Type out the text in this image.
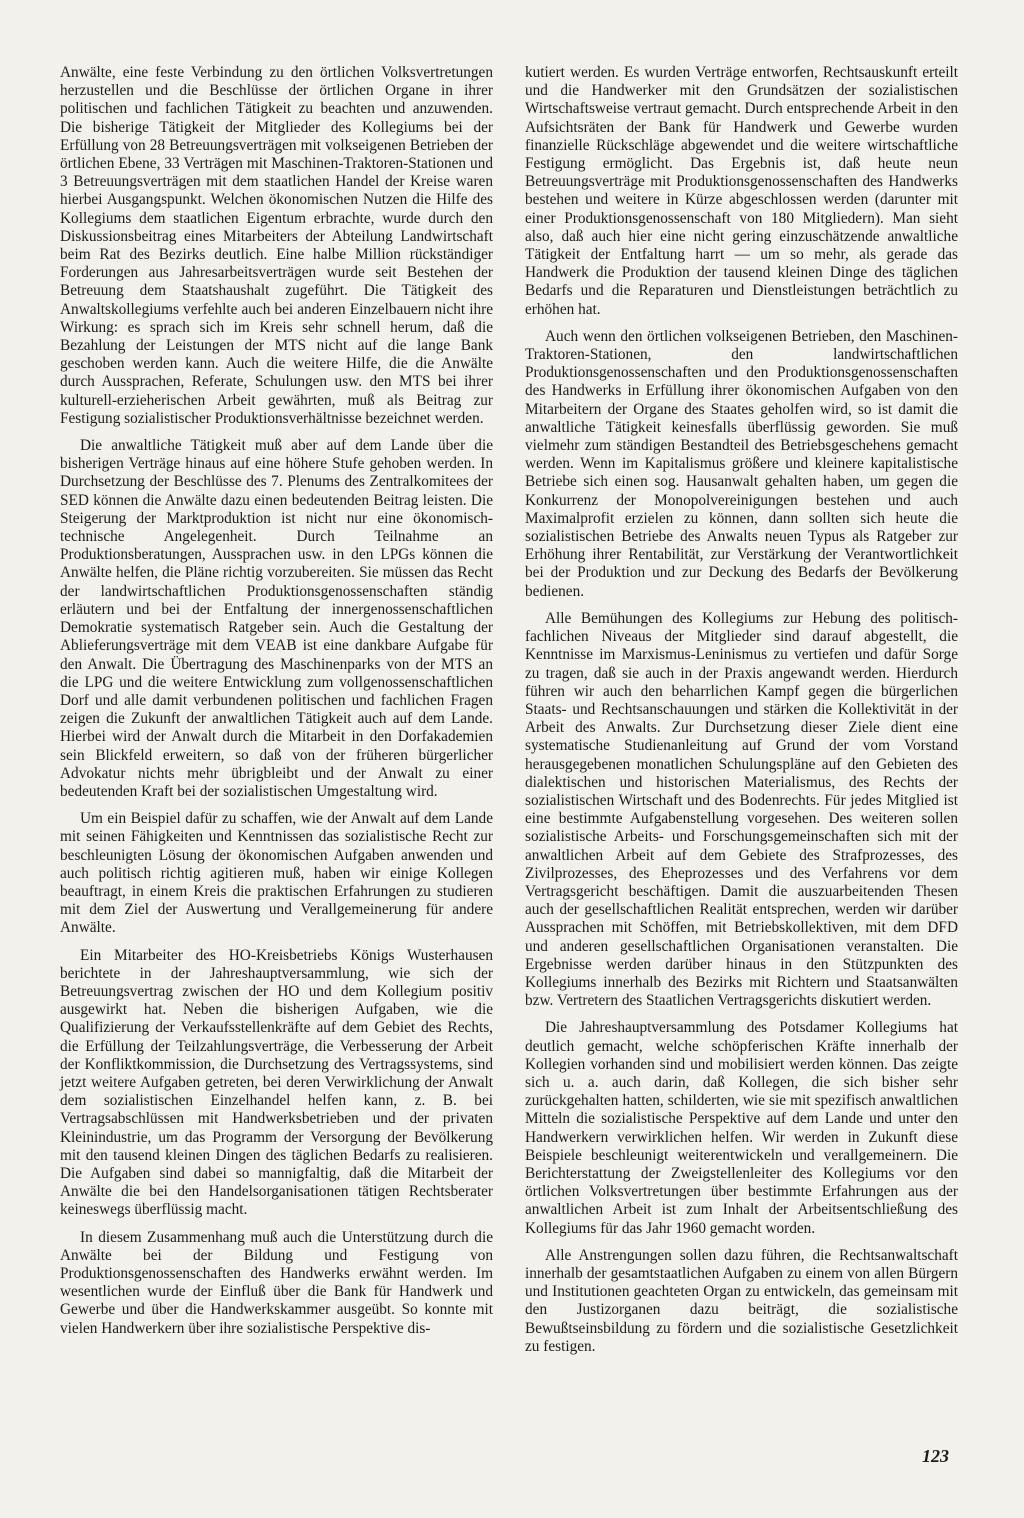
Anwälte, eine feste Verbindung zu den örtlichen Volksvertretungen herzustellen und die Beschlüsse der örtlichen Organe in ihrer politischen und fachlichen Tätigkeit zu beachten und anzuwenden. Die bisherige Tätigkeit der Mitglieder des Kollegiums bei der Erfüllung von 28 Betreuungsverträgen mit volkseigenen Betrieben der örtlichen Ebene, 33 Verträgen mit Maschinen-Traktoren-Stationen und 3 Betreuungsverträgen mit dem staatlichen Handel der Kreise waren hierbei Ausgangspunkt. Welchen ökonomischen Nutzen die Hilfe des Kollegiums dem staatlichen Eigentum erbrachte, wurde durch den Diskussionsbeitrag eines Mitarbeiters der Abteilung Landwirtschaft beim Rat des Bezirks deutlich. Eine halbe Million rückständiger Forderungen aus Jahresarbeitsverträgen wurde seit Bestehen der Betreuung dem Staatshaushalt zugeführt. Die Tätigkeit des Anwaltskollegiums verfehlte auch bei anderen Einzelbauern nicht ihre Wirkung: es sprach sich im Kreis sehr schnell herum, daß die Bezahlung der Leistungen der MTS nicht auf die lange Bank geschoben werden kann. Auch die weitere Hilfe, die die Anwälte durch Aussprachen, Referate, Schulungen usw. den MTS bei ihrer kulturell-erzieherischen Arbeit gewährten, muß als Beitrag zur Festigung sozialistischer Produktionsverhältnisse bezeichnet werden.

Die anwaltliche Tätigkeit muß aber auf dem Lande über die bisherigen Verträge hinaus auf eine höhere Stufe gehoben werden. In Durchsetzung der Beschlüsse des 7. Plenums des Zentralkomitees der SED können die Anwälte dazu einen bedeutenden Beitrag leisten. Die Steigerung der Marktproduktion ist nicht nur eine ökonomisch-technische Angelegenheit. Durch Teilnahme an Produktionsberatungen, Aussprachen usw. in den LPGs können die Anwälte helfen, die Pläne richtig vorzubereiten. Sie müssen das Recht der landwirtschaftlichen Produktionsgenossenschaften ständig erläutern und bei der Entfaltung der innergenossenschaftlichen Demokratie systematisch Ratgeber sein. Auch die Gestaltung der Ablieferungsverträge mit dem VEAB ist eine dankbare Aufgabe für den Anwalt. Die Übertragung des Maschinenparks von der MTS an die LPG und die weitere Entwicklung zum vollgenossenschaftlichen Dorf und alle damit verbundenen politischen und fachlichen Fragen zeigen die Zukunft der anwaltlichen Tätigkeit auch auf dem Lande. Hierbei wird der Anwalt durch die Mitarbeit in den Dorfakademien sein Blickfeld erweitern, so daß von der früheren bürgerlicher Advokatur nichts mehr übrigbleibt und der Anwalt zu einer bedeutenden Kraft bei der sozialistischen Umgestaltung wird.

Um ein Beispiel dafür zu schaffen, wie der Anwalt auf dem Lande mit seinen Fähigkeiten und Kenntnissen das sozialistische Recht zur beschleunigten Lösung der ökonomischen Aufgaben anwenden und auch politisch richtig agitieren muß, haben wir einige Kollegen beauftragt, in einem Kreis die praktischen Erfahrungen zu studieren mit dem Ziel der Auswertung und Verallgemeinerung für andere Anwälte.

Ein Mitarbeiter des HO-Kreisbetriebs Königs Wusterhausen berichtete in der Jahreshauptversammlung, wie sich der Betreuungsvertrag zwischen der HO und dem Kollegium positiv ausgewirkt hat. Neben die bisherigen Aufgaben, wie die Qualifizierung der Verkaufsstellenkräfte auf dem Gebiet des Rechts, die Erfüllung der Teilzahlungsverträge, die Verbesserung der Arbeit der Konfliktkommission, die Durchsetzung des Vertragssystems, sind jetzt weitere Aufgaben getreten, bei deren Verwirklichung der Anwalt dem sozialistischen Einzelhandel helfen kann, z. B. bei Vertragsabschlüssen mit Handwerksbetrieben und der privaten Kleinindustrie, um das Programm der Versorgung der Bevölkerung mit den tausend kleinen Dingen des täglichen Bedarfs zu realisieren. Die Aufgaben sind dabei so mannigfaltig, daß die Mitarbeit der Anwälte die bei den Handelsorganisationen tätigen Rechtsberater keineswegs überflüssig macht.

In diesem Zusammenhang muß auch die Unterstützung durch die Anwälte bei der Bildung und Festigung von Produktionsgenossenschaften des Handwerks erwähnt werden. Im wesentlichen wurde der Einfluß über die Bank für Handwerk und Gewerbe und über die Handwerkskammer ausgeübt. So konnte mit vielen Handwerkern über ihre sozialistische Perspektive dis-

kutiert werden. Es wurden Verträge entworfen, Rechtsauskunft erteilt und die Handwerker mit den Grundsätzen der sozialistischen Wirtschaftsweise vertraut gemacht. Durch entsprechende Arbeit in den Aufsichtsräten der Bank für Handwerk und Gewerbe wurden finanzielle Rückschläge abgewendet und die weitere wirtschaftliche Festigung ermöglicht. Das Ergebnis ist, daß heute neun Betreuungsverträge mit Produktionsgenossenschaften des Handwerks bestehen und weitere in Kürze abgeschlossen werden (darunter mit einer Produktionsgenossenschaft von 180 Mitgliedern). Man sieht also, daß auch hier eine nicht gering einzuschätzende anwaltliche Tätigkeit der Entfaltung harrt — um so mehr, als gerade das Handwerk die Produktion der tausend kleinen Dinge des täglichen Bedarfs und die Reparaturen und Dienstleistungen beträchtlich zu erhöhen hat.

Auch wenn den örtlichen volkseigenen Betrieben, den Maschinen-Traktoren-Stationen, den landwirtschaftlichen Produktionsgenossenschaften und den Produktionsgenossenschaften des Handwerks in Erfüllung ihrer ökonomischen Aufgaben von den Mitarbeitern der Organe des Staates geholfen wird, so ist damit die anwaltliche Tätigkeit keinesfalls überflüssig geworden. Sie muß vielmehr zum ständigen Bestandteil des Betriebsgeschehens gemacht werden. Wenn im Kapitalismus größere und kleinere kapitalistische Betriebe sich einen sog. Hausanwalt gehalten haben, um gegen die Konkurrenz der Monopolvereinigungen bestehen und auch Maximalprofit erzielen zu können, dann sollten sich heute die sozialistischen Betriebe des Anwalts neuen Typus als Ratgeber zur Erhöhung ihrer Rentabilität, zur Verstärkung der Verantwortlichkeit bei der Produktion und zur Deckung des Bedarfs der Bevölkerung bedienen.

Alle Bemühungen des Kollegiums zur Hebung des politisch-fachlichen Niveaus der Mitglieder sind darauf abgestellt, die Kenntnisse im Marxismus-Leninismus zu vertiefen und dafür Sorge zu tragen, daß sie auch in der Praxis angewandt werden. Hierdurch führen wir auch den beharrlichen Kampf gegen die bürgerlichen Staats- und Rechtsanschauungen und stärken die Kollektivität in der Arbeit des Anwalts. Zur Durchsetzung dieser Ziele dient eine systematische Studienanleitung auf Grund der vom Vorstand herausgegebenen monatlichen Schulungspläne auf den Gebieten des dialektischen und historischen Materialismus, des Rechts der sozialistischen Wirtschaft und des Bodenrechts. Für jedes Mitglied ist eine bestimmte Aufgabenstellung vorgesehen. Des weiteren sollen sozialistische Arbeits- und Forschungsgemeinschaften sich mit der anwaltlichen Arbeit auf dem Gebiete des Strafprozesses, des Zivilprozesses, des Eheprozesses und des Verfahrens vor dem Vertragsgericht beschäftigen. Damit die auszuarbeitenden Thesen auch der gesellschaftlichen Realität entsprechen, werden wir darüber Aussprachen mit Schöffen, mit Betriebskollektiven, mit dem DFD und anderen gesellschaftlichen Organisationen veranstalten. Die Ergebnisse werden darüber hinaus in den Stützpunkten des Kollegiums innerhalb des Bezirks mit Richtern und Staatsanwälten bzw. Vertretern des Staatlichen Vertragsgerichts diskutiert werden.

Die Jahreshauptversammlung des Potsdamer Kollegiums hat deutlich gemacht, welche schöpferischen Kräfte innerhalb der Kollegien vorhanden sind und mobilisiert werden können. Das zeigte sich u. a. auch darin, daß Kollegen, die sich bisher sehr zurückgehalten hatten, schilderten, wie sie mit spezifisch anwaltlichen Mitteln die sozialistische Perspektive auf dem Lande und unter den Handwerkern verwirklichen helfen. Wir werden in Zukunft diese Beispiele beschleunigt weiterentwickeln und verallgemeinern. Die Berichterstattung der Zweigstellenleiter des Kollegiums vor den örtlichen Volksvertretungen über bestimmte Erfahrungen aus der anwaltlichen Arbeit ist zum Inhalt der Arbeitsentschließung des Kollegiums für das Jahr 1960 gemacht worden.

Alle Anstrengungen sollen dazu führen, die Rechtsanwaltschaft innerhalb der gesamtstaatlichen Aufgaben zu einem von allen Bürgern und Institutionen geachteten Organ zu entwickeln, das gemeinsam mit den Justizorganen dazu beiträgt, die sozialistische Bewußtseinsbildung zu fördern und die sozialistische Gesetzlichkeit zu festigen.

123
